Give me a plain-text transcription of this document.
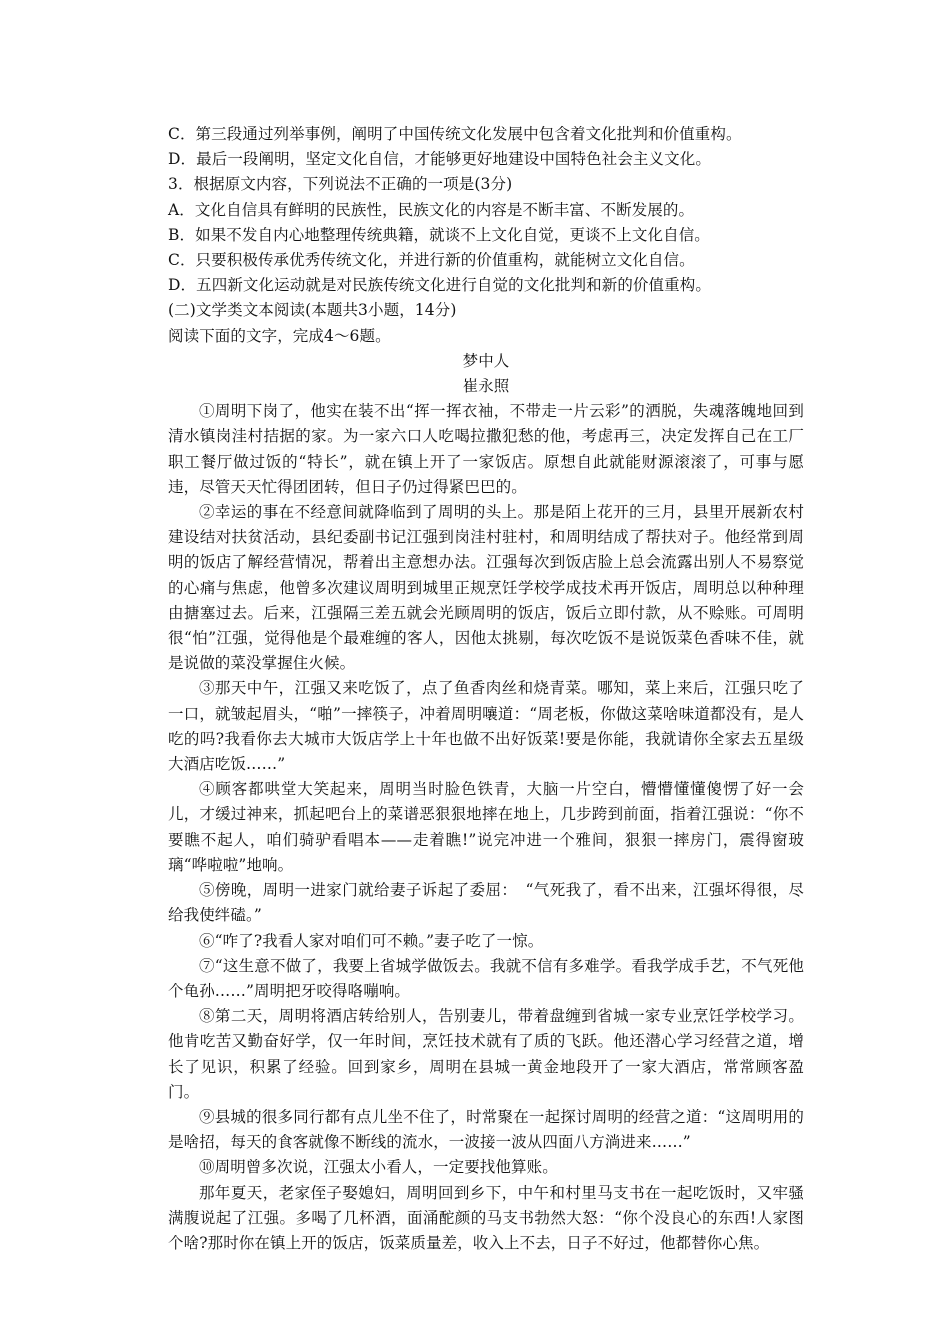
C．第三段通过列举事例，阐明了中国传统文化发展中包含着文化批判和价值重构。

D．最后一段阐明，坚定文化自信，才能够更好地建设中国特色社会主义文化。

3．根据原文内容，下列说法不正确的一项是(3分)

A．文化自信具有鲜明的民族性，民族文化的内容是不断丰富、不断发展的。

B．如果不发自内心地整理传统典籍，就谈不上文化自觉，更谈不上文化自信。

C．只要积极传承优秀传统文化，并进行新的价值重构，就能树立文化自信。

D．五四新文化运动就是对民族传统文化进行自觉的文化批判和新的价值重构。

(二)文学类文本阅读(本题共3小题，14分)

阅读下面的文字，完成4～6题。

梦中人

崔永照

①周明下岗了，他实在装不出“挥一挥衣袖，不带走一片云彩”的洒脱，失魂落魄地回到清水镇岗洼村拮据的家。为一家六口人吃喝拉撒犯愁的他，考虑再三，决定发挥自己在工厂职工餐厅做过饭的“特长”，就在镇上开了一家饭店。原想自此就能财源滚滚了，可事与愿违，尽管天天忙得团团转，但日子仍过得紧巴巴的。

②幸运的事在不经意间就降临到了周明的头上。那是陌上花开的三月，县里开展新农村建设结对扶贫活动，县纪委副书记江强到岗洼村驻村，和周明结成了帮扶对子。他经常到周明的饭店了解经营情况，帮着出主意想办法。江强每次到饭店脸上总会流露出别人不易察觉的心痛与焦虑，他曾多次建议周明到城里正规烹饪学校学成技术再开饭店，周明总以种种理由搪塞过去。后来，江强隔三差五就会光顾周明的饭店，饭后立即付款，从不赊账。可周明很“怕”江强，觉得他是个最难缠的客人，因他太挑剔，每次吃饭不是说饭菜色香味不佳，就是说做的菜没掌握住火候。

③那天中午，江强又来吃饭了，点了鱼香肉丝和烧青菜。哪知，菜上来后，江强只吃了一口，就皱起眉头，“啪”一摔筷子，冲着周明嚷道：“周老板，你做这菜啥味道都没有，是人吃的吗?我看你去大城市大饭店学上十年也做不出好饭菜!要是你能，我就请你全家去五星级大酒店吃饭……”

④顾客都哄堂大笑起来，周明当时脸色铁青，大脑一片空白，懵懵懂懂傻愣了好一会儿，才缓过神来，抓起吧台上的菜谱恶狠狠地摔在地上，几步跨到前面，指着江强说：“你不要瞧不起人，咱们骑驴看唱本——走着瞧!”说完冲进一个雅间，狠狠一摔房门，震得窗玻璃“哗啦啦”地响。

⑤傍晚，周明一进家门就给妻子诉起了委屈：　“气死我了，看不出来，江强坏得很，尽给我使绊磕。”

⑥“咋了?我看人家对咱们可不赖。”妻子吃了一惊。

⑦“这生意不做了，我要上省城学做饭去。我就不信有多难学。看我学成手艺，不气死他个龟孙……”周明把牙咬得咯嘣响。

⑧第二天，周明将酒店转给别人，告别妻儿，带着盘缠到省城一家专业烹饪学校学习。他肯吃苦又勤奋好学，仅一年时间，烹饪技术就有了质的飞跃。他还潜心学习经营之道，增长了见识，积累了经验。回到家乡，周明在县城一黄金地段开了一家大酒店，常常顾客盈门。

⑨县城的很多同行都有点儿坐不住了，时常聚在一起探讨周明的经营之道：“这周明用的是啥招，每天的食客就像不断线的流水，一波接一波从四面八方淌进来……”

⑩周明曾多次说，江强太小看人，一定要找他算账。

那年夏天，老家侄子娶媳妇，周明回到乡下，中午和村里马支书在一起吃饭时，又牢骚满腹说起了江强。多喝了几杯酒，面涌酡颜的马支书勃然大怒：“你个没良心的东西!人家图个啥?那时你在镇上开的饭店，饭菜质量差，收入上不去，日子不好过，他都替你心焦。
